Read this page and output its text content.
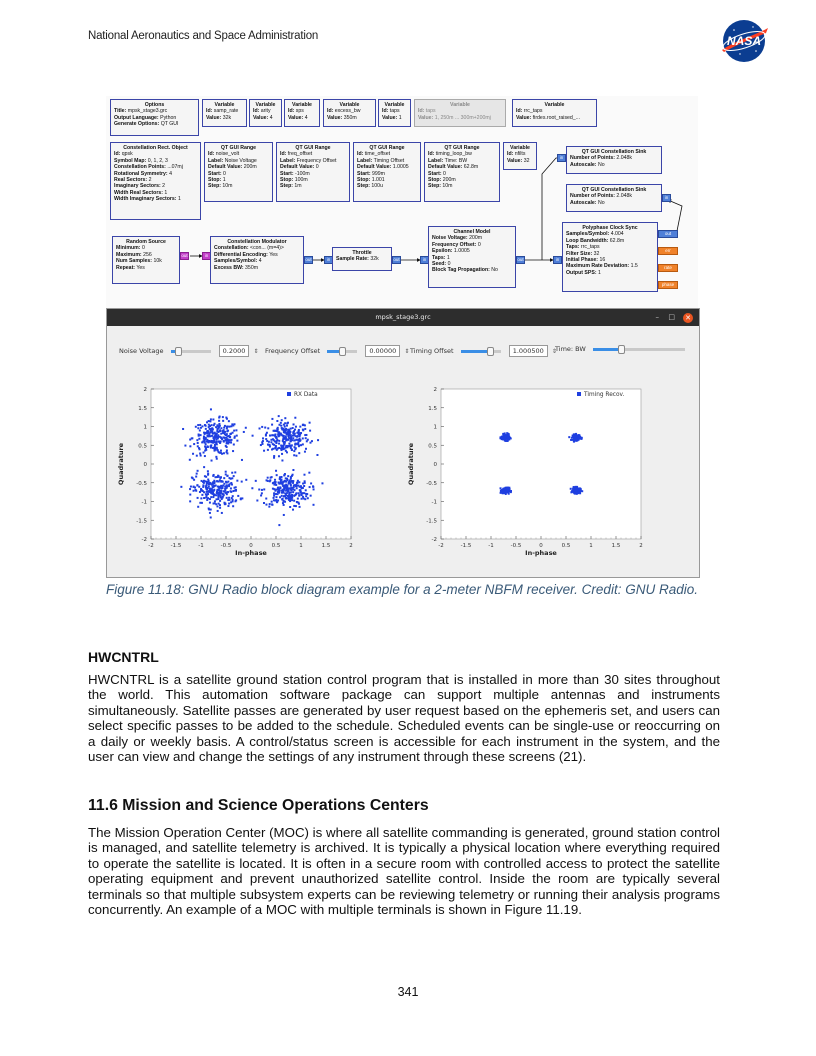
National Aeronautics and Space Administration	NASA
Options
Title: mpsk_stage3.grc
Output Language: Python
Generate Options: QT GUI
Variable
Id: samp_rate
Value: 32k
Variable
Id: arity
Value: 4
Variable
Id: sps
Value: 4
Variable
Id: excess_bw
Value: 350m
Variable
Id: taps
Value: 1
Variable
Id: taps
Value: 1, 250m ... 300m+200mj
Variable
Id: rrc_taps
Value: firdes.root_raised_...
Constellation Rect. Object
Id: qpsk
Symbol Map: 0, 1, 2, 3
Constellation Points: ...07mj
Rotational Symmetry: 4
Real Sectors: 2
Imaginary Sectors: 2
Width Real Sectors: 1
Width Imaginary Sectors: 1
QT GUI Range
Id: noise_volt
Label: Noise Voltage
Default Value: 200m
Start: 0
Stop: 1
Step: 10m
QT GUI Range
Id: freq_offset
Label: Frequency Offset
Default Value: 0
Start: -100m
Stop: 100m
Step: 1m
QT GUI Range
Id: time_offset
Label: Timing Offset
Default Value: 1.0005
Start: 999m
Stop: 1.001
Step: 100u
QT GUI Range
Id: timing_loop_bw
Label: Time: BW
Default Value: 62.8m
Start: 0
Stop: 200m
Step: 10m
Variable
Id: nfilts
Value: 32
QT GUI Constellation Sink
Number of Points: 2.048k
Autoscale: No
in
QT GUI Constellation Sink
Number of Points: 2.048k
Autoscale: No
in
Random Source
Minimum: 0
Maximum: 256
Num Samples: 10k
Repeat: Yes
out	in
Constellation Modulator
Constellation: <con... (m=4)>
Differential Encoding: Yes
Samples/Symbol: 4
Excess BW: 350m
out	in
Throttle
Sample Rate: 32k	out	in
Channel Model
Noise Voltage: 200m
Frequency Offset: 0
Epsilon: 1.0005
Taps: 1
Seed: 0
Block Tag Propagation: No
out	in
Polyphase Clock Sync
Samples/Symbol: 4.004
Loop Bandwidth: 62.8m
Taps: rrc_taps
Filter Size: 32
Initial Phase: 16
Maximum Rate Deviation: 1.5
Output SPS: 1
out
err
rate
phase
mpsk_stage3.grc	– □ ✕
Noise Voltage	0.2000 ⇕ Frequency Offset	0.00000 ⇕ Timing Offset	1.000500 ⇕
Time: BW
-2	-1.5	-1	-0.5	0	0.5	1	1.5	2
2
1.5
1
0.5
0
-0.5
-1
-1.5
-2
RX Data
In-phase
Quadrature
-2	-1.5	-1	-0.5	0	0.5	1	1.5	2
2
1.5
1
0.5
0
-0.5
-1
-1.5
-2
Timing Recov.
In-phase
Quadrature
Figure 11.18: GNU Radio block diagram example for a 2-meter NBFM receiver. Credit: GNU Radio.
HWCNTRL
HWCNTRL is a satellite ground station control program that is installed in more than 30 sites throughout the world. This automation software package can support multiple antennas and instruments simultaneously. Satellite passes are generated by user request based on the ephemeris set, and users can select specific passes to be added to the schedule. Scheduled events can be single-use or reoccurring on a daily or weekly basis. A control/status screen is accessible for each instrument in the system, and the user can view and change the settings of any instrument through these screens (21).
11.6 Mission and Science Operations Centers
The Mission Operation Center (MOC) is where all satellite commanding is generated, ground station control is managed, and satellite telemetry is archived. It is typically a physical location where everything required to operate the satellite is located. It is often in a secure room with controlled access to protect the satellite operating equipment and prevent unauthorized satellite control. Inside the room are typically several terminals so that multiple subsystem experts can be reviewing telemetry or running their analysis programs concurrently. An example of a MOC with multiple terminals is shown in Figure 11.19.
341
